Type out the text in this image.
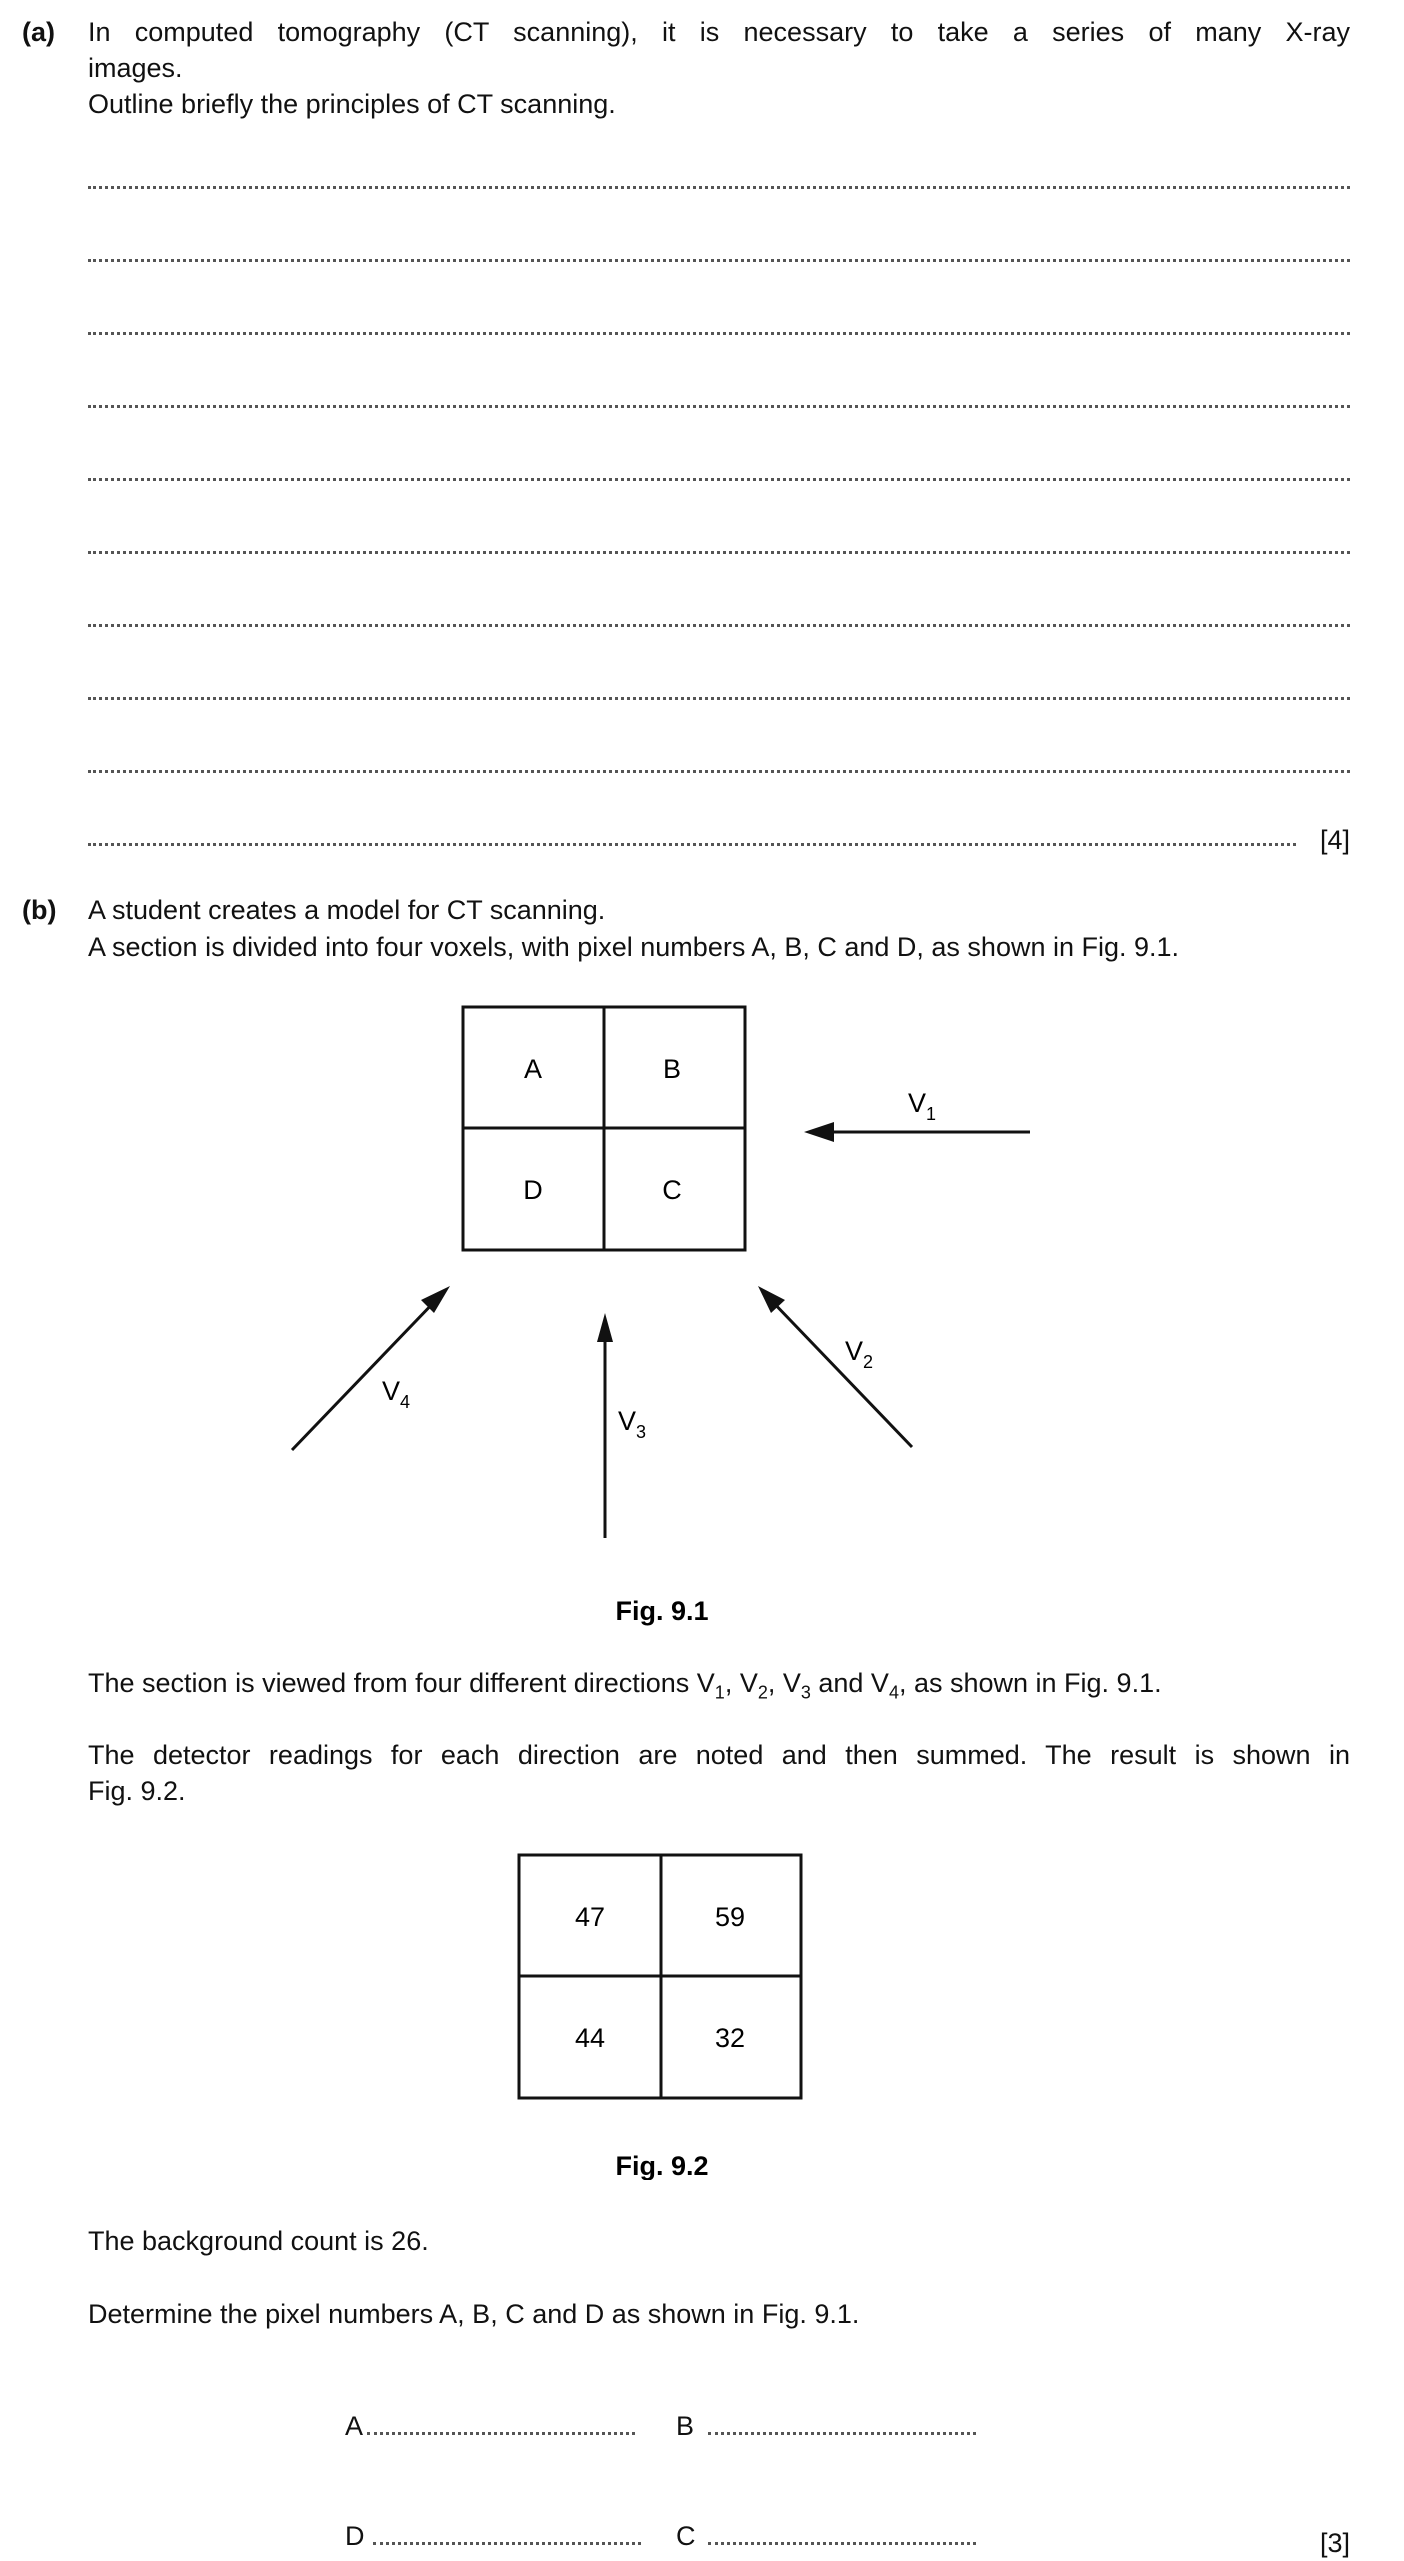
(a) In computed tomography (CT scanning), it is necessary to take a series of many X-ray
images.
Outline briefly the principles of CT scanning.
[4]
(b) A student creates a model for CT scanning.
A section is divided into four voxels, with pixel numbers A, B, C and D, as shown in Fig. 9.1.
A	B
D	C
$V_1$
$V_2$
$V_3$
$V_4$
Fig. 9.1
The section is viewed from four different directions $V_1$, $V_2$, $V_3$ and $V_4$, as shown in Fig. 9.1.
The detector readings for each direction are noted and then summed. The result is shown in
Fig. 9.2.
47	59
44	32
Fig. 9.2
The background count is 26.
Determine the pixel numbers A, B, C and D as shown in Fig. 9.1.
A	B
D	C	[3]
